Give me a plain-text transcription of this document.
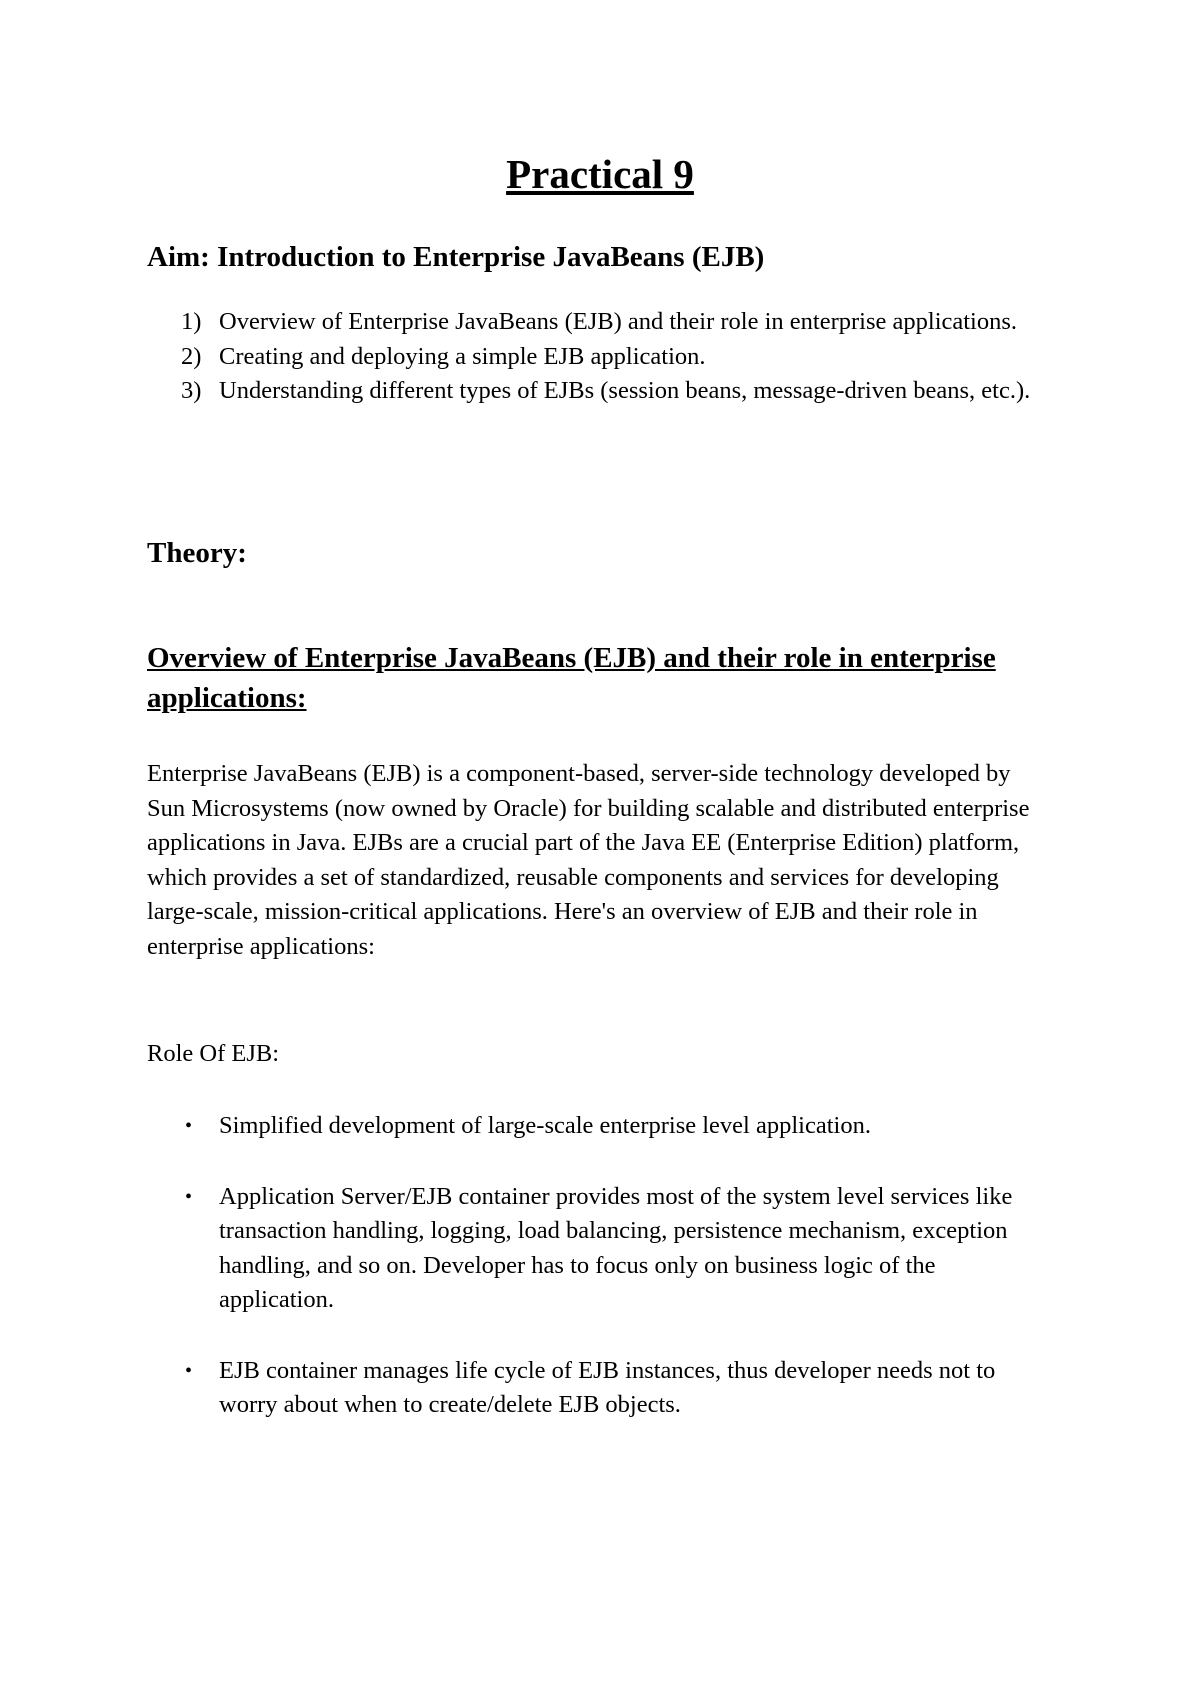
Practical 9
Aim: Introduction to Enterprise JavaBeans (EJB)
1) Overview of Enterprise JavaBeans (EJB) and their role in enterprise applications.
2) Creating and deploying a simple EJB application.
3) Understanding different types of EJBs (session beans, message-driven beans, etc.).
Theory:
Overview of Enterprise JavaBeans (EJB) and their role in enterprise applications:

Enterprise JavaBeans (EJB) is a component-based, server-side technology developed by Sun Microsystems (now owned by Oracle) for building scalable and distributed enterprise applications in Java. EJBs are a crucial part of the Java EE (Enterprise Edition) platform, which provides a set of standardized, reusable components and services for developing large-scale, mission-critical applications. Here's an overview of EJB and their role in enterprise applications:

Role Of EJB:

• Simplified development of large-scale enterprise level application.
• Application Server/EJB container provides most of the system level services like transaction handling, logging, load balancing, persistence mechanism, exception handling, and so on. Developer has to focus only on business logic of the application.
• EJB container manages life cycle of EJB instances, thus developer needs not to worry about when to create/delete EJB objects.
